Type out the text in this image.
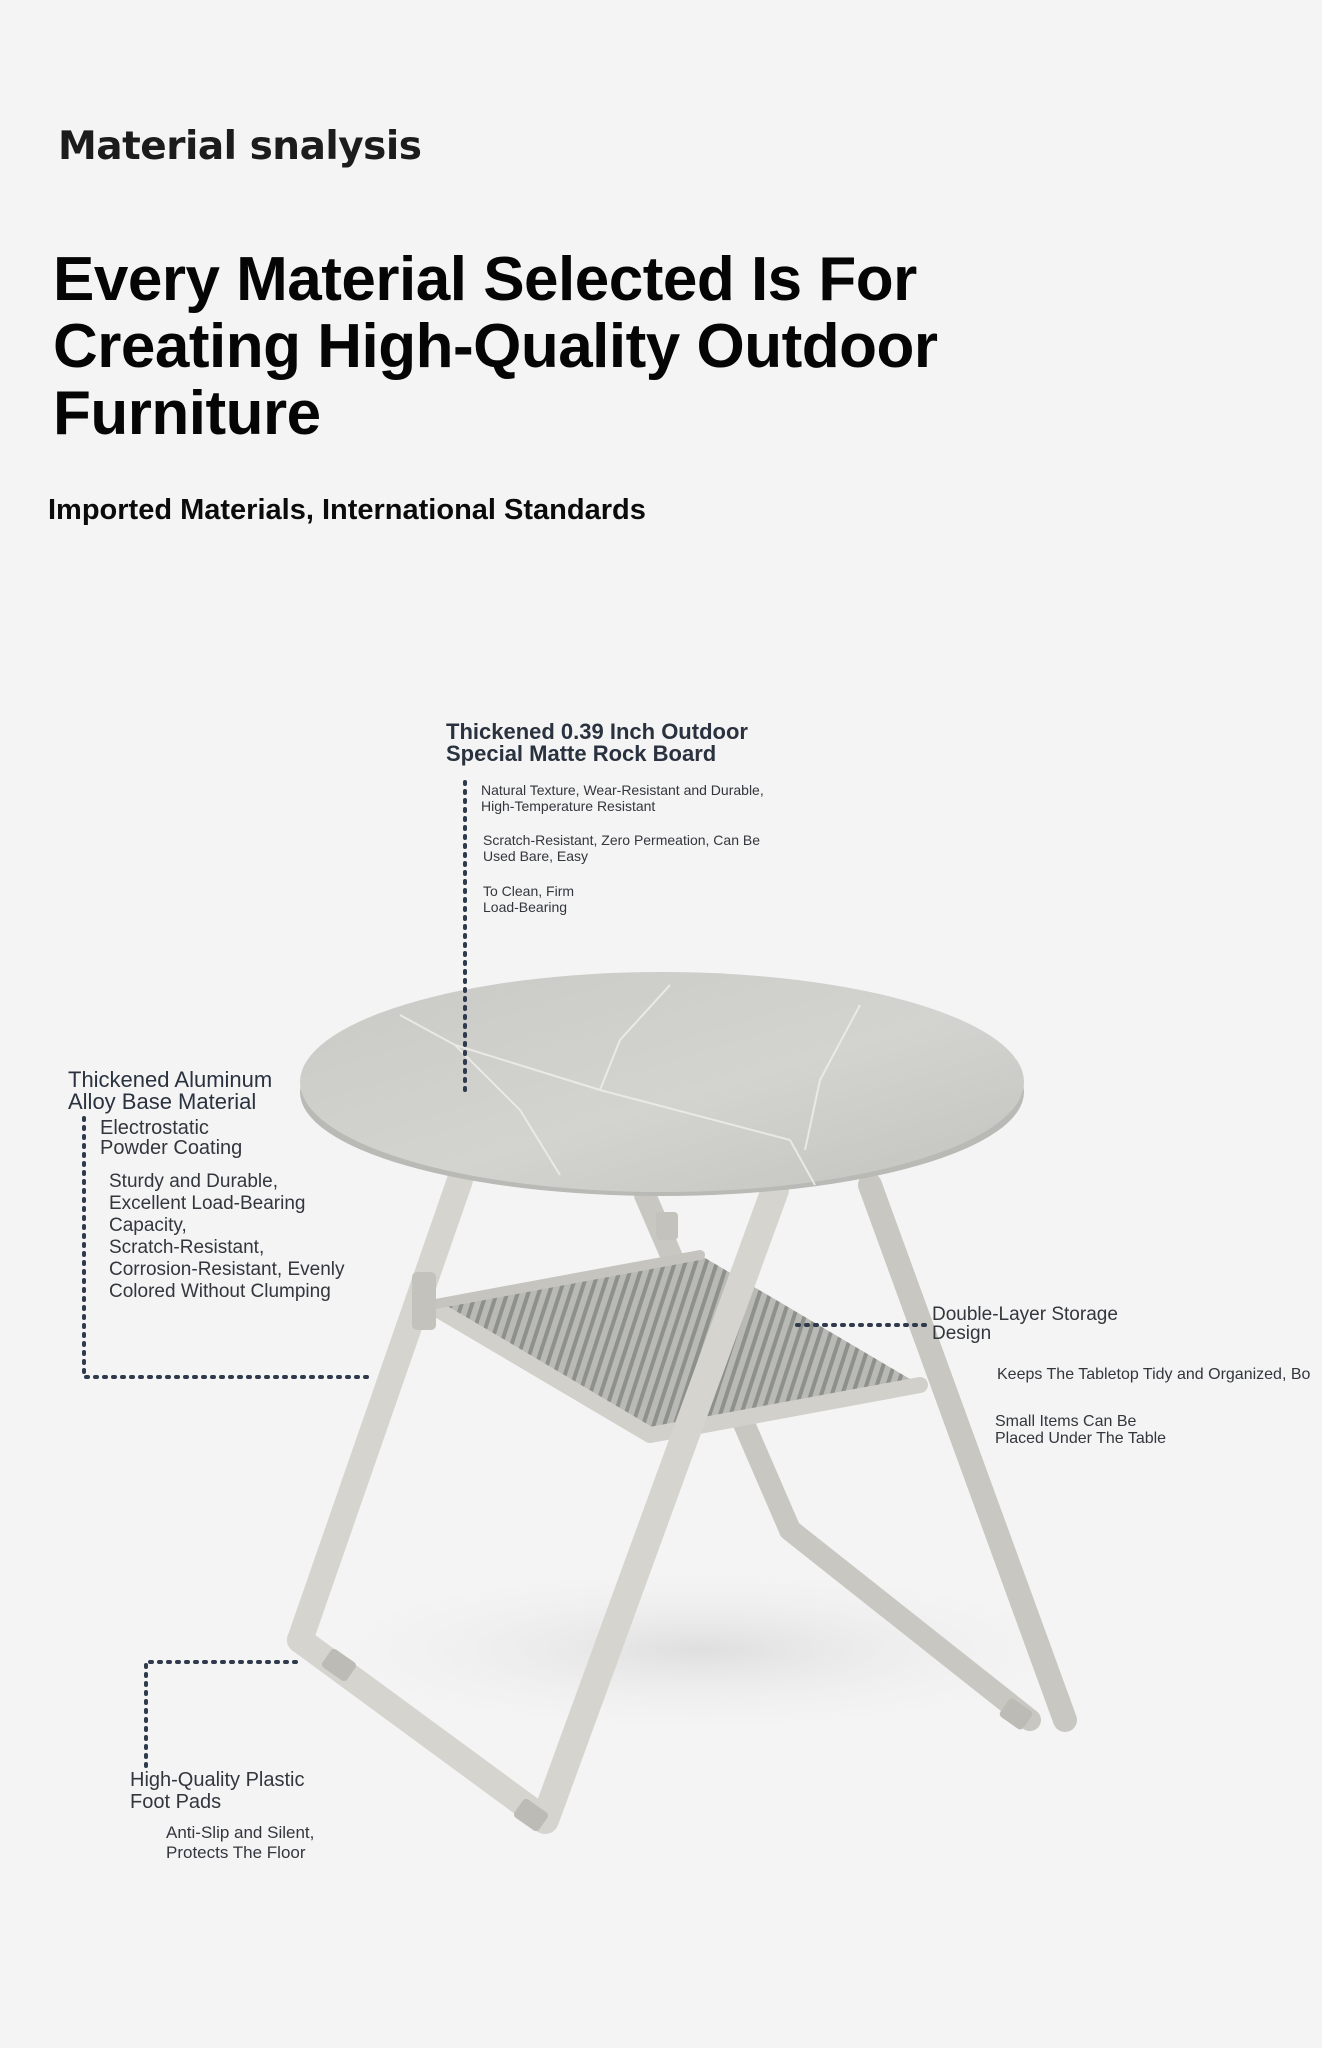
Material snalysis
Every Material Selected Is For
Creating High-Quality Outdoor
Furniture
Imported Materials, International Standards
Thickened 0.39 Inch Outdoor
Special Matte Rock Board
Natural Texture, Wear-Resistant and Durable,
High-Temperature Resistant
Scratch-Resistant, Zero Permeation, Can Be
Used Bare, Easy
To Clean, Firm
Load-Bearing
Thickened Aluminum
Alloy Base Material
Electrostatic
Powder Coating
Sturdy and Durable,
Excellent Load-Bearing
Capacity,
Scratch-Resistant,
Corrosion-Resistant, Evenly
Colored Without Clumping
Double-Layer Storage
Design
Keeps The Tabletop Tidy and Organized, Bo
Small Items Can Be
Placed Under The Table
High-Quality Plastic
Foot Pads
Anti-Slip and Silent,
Protects The Floor
